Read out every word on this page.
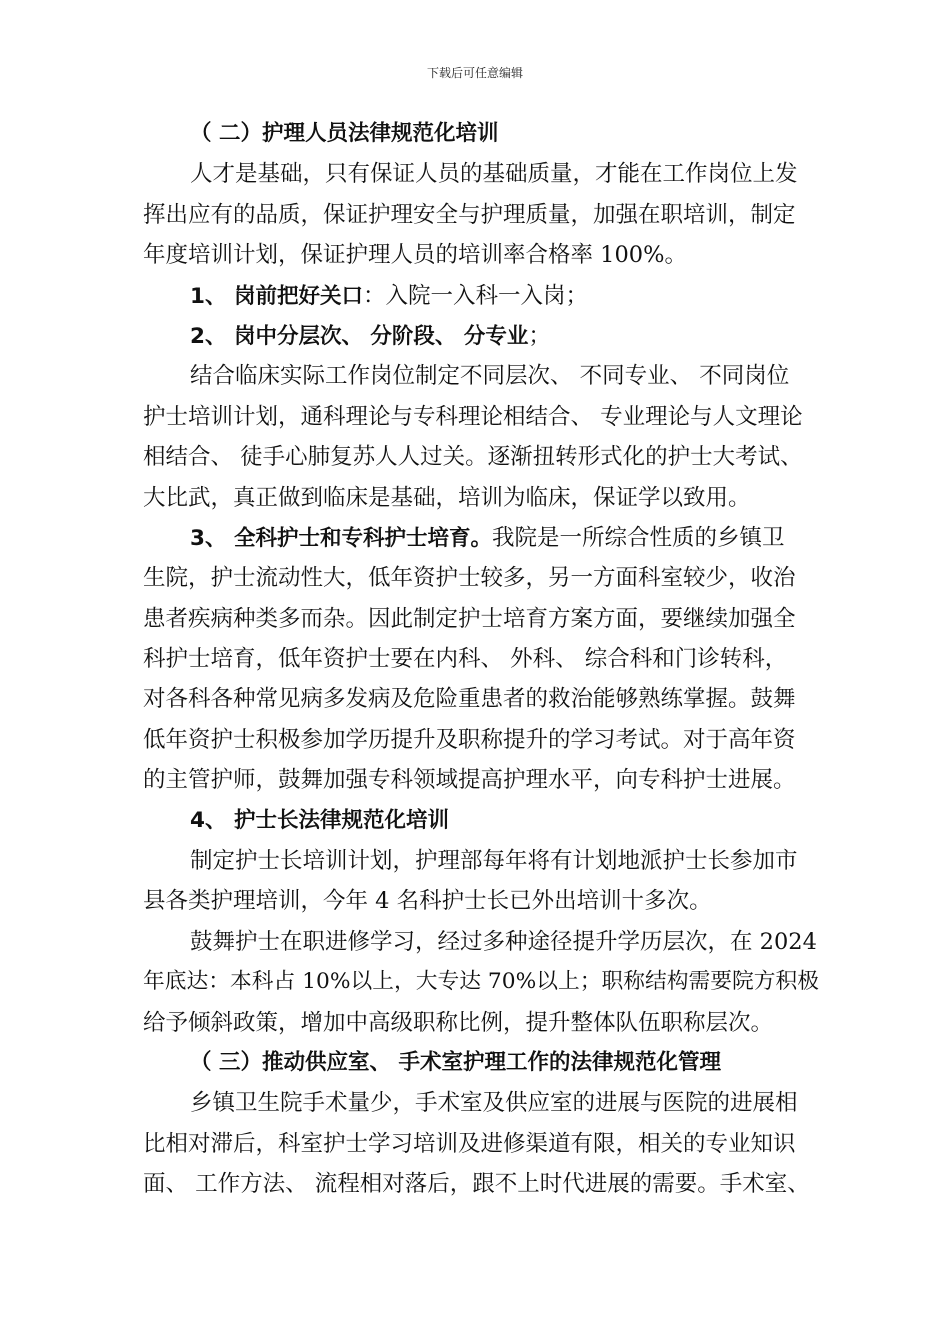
下载后可任意编辑
（ 二）护理人员法律规范化培训
人才是基础，只有保证人员的基础质量，才能在工作岗位上发
挥出应有的品质，保证护理安全与护理质量，加强在职培训，制定
年度培训计划，保证护理人员的培训率合格率 100%。
1、 岗前把好关口：入院一入科一入岗；
2、 岗中分层次、 分阶段、 分专业；
结合临床实际工作岗位制定不同层次、 不同专业、 不同岗位
护士培训计划，通科理论与专科理论相结合、 专业理论与人文理论
相结合、 徒手心肺复苏人人过关。逐渐扭转形式化的护士大考试、
大比武，真正做到临床是基础，培训为临床，保证学以致用。
3、 全科护士和专科护士培育。我院是一所综合性质的乡镇卫
生院，护士流动性大，低年资护士较多，另一方面科室较少，收治
患者疾病种类多而杂。因此制定护士培育方案方面，要继续加强全
科护士培育，低年资护士要在内科、 外科、 综合科和门诊转科，
对各科各种常见病多发病及危险重患者的救治能够熟练掌握。鼓舞
低年资护士积极参加学历提升及职称提升的学习考试。对于高年资
的主管护师，鼓舞加强专科领域提高护理水平，向专科护士进展。
4、 护士长法律规范化培训
制定护士长培训计划，护理部每年将有计划地派护士长参加市
县各类护理培训，今年 4 名科护士长已外出培训十多次。
鼓舞护士在职进修学习，经过多种途径提升学历层次，在 2024
年底达：本科占 10%以上，大专达 70%以上；职称结构需要院方积极
给予倾斜政策，增加中高级职称比例，提升整体队伍职称层次。
（ 三）推动供应室、 手术室护理工作的法律规范化管理
乡镇卫生院手术量少，手术室及供应室的进展与医院的进展相
比相对滞后，科室护士学习培训及进修渠道有限，相关的专业知识
面、 工作方法、 流程相对落后，跟不上时代进展的需要。手术室、
